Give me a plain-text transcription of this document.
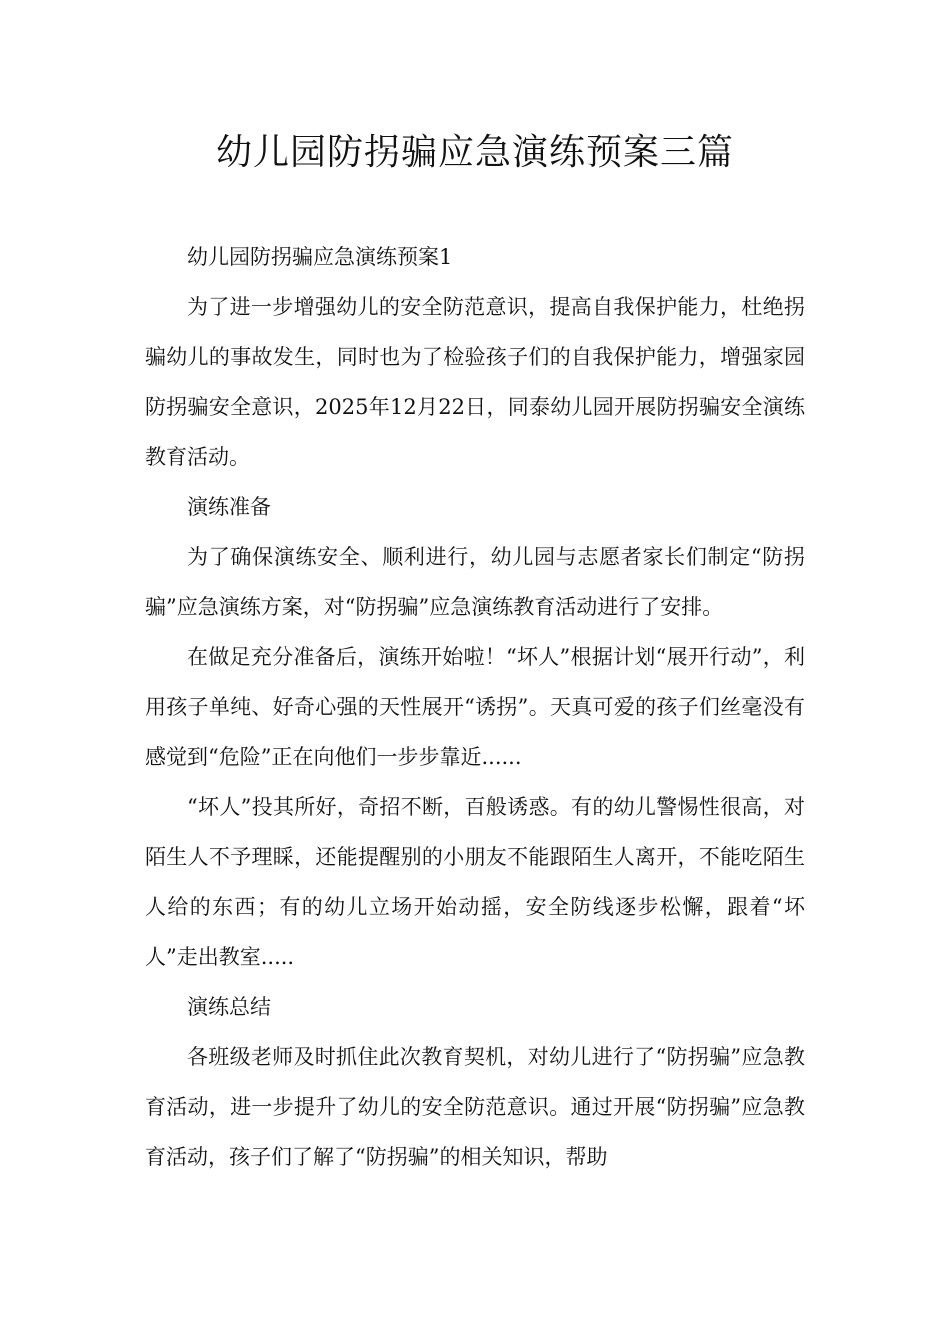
幼儿园防拐骗应急演练预案三篇

幼儿园防拐骗应急演练预案1

为了进一步增强幼儿的安全防范意识，提高自我保护能力，杜绝拐骗幼儿的事故发生，同时也为了检验孩子们的自我保护能力，增强家园防拐骗安全意识，2025年12月22日，同泰幼儿园开展防拐骗安全演练教育活动。

演练准备

为了确保演练安全、顺利进行，幼儿园与志愿者家长们制定“防拐骗”应急演练方案，对“防拐骗”应急演练教育活动进行了安排。

在做足充分准备后，演练开始啦！“坏人”根据计划“展开行动”，利用孩子单纯、好奇心强的天性展开“诱拐”。天真可爱的孩子们丝毫没有感觉到“危险”正在向他们一步步靠近......

“坏人”投其所好，奇招不断，百般诱惑。有的幼儿警惕性很高，对陌生人不予理睬，还能提醒别的小朋友不能跟陌生人离开，不能吃陌生人给的东西；有的幼儿立场开始动摇，安全防线逐步松懈，跟着“坏人”走出教室.....

演练总结

各班级老师及时抓住此次教育契机，对幼儿进行了“防拐骗”应急教育活动，进一步提升了幼儿的安全防范意识。通过开展“防拐骗”应急教育活动，孩子们了解了“防拐骗”的相关知识，帮助
